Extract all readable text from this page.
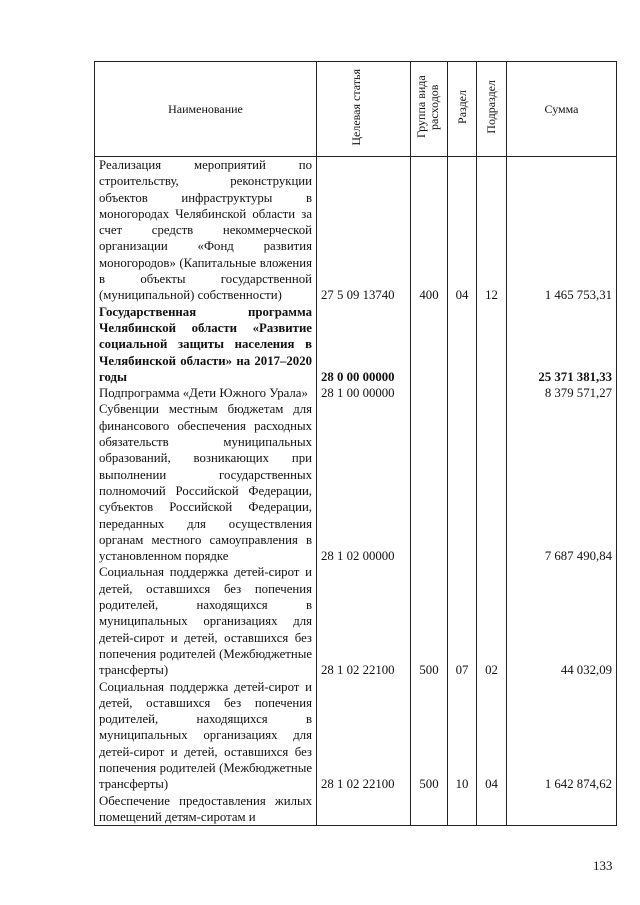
Наименование	Целевая статья	Группа вида расходов	Раздел	Подраздел	Сумма
Реализация мероприятий по строительству, реконструкции объектов инфраструктуры в моногородах Челябинской области за счет средств некоммерческой организации «Фонд развития моногородов» (Капитальные вложения в объекты государственной (муниципальной) собственности)	27 5 09 13740	400	04	12	1 465 753,31
Государственная программа Челябинской области «Развитие социальной защиты населения в Челябинской области» на 2017–2020 годы	28 0 00 00000				25 371 381,33
Подпрограмма «Дети Южного Урала»	28 1 00 00000				8 379 571,27
Субвенции местным бюджетам для финансового обеспечения расходных обязательств муниципальных образований, возникающих при выполнении государственных полномочий Российской Федерации, субъектов Российской Федерации, переданных для осуществления органам местного самоуправления в установленном порядке	28 1 02 00000				7 687 490,84
Социальная поддержка детей-сирот и детей, оставшихся без попечения родителей, находящихся в муниципальных организациях для детей-сирот и детей, оставшихся без попечения родителей (Межбюджетные трансферты)	28 1 02 22100	500	07	02	44 032,09
Социальная поддержка детей-сирот и детей, оставшихся без попечения родителей, находящихся в муниципальных организациях для детей-сирот и детей, оставшихся без попечения родителей (Межбюджетные трансферты)	28 1 02 22100	500	10	04	1 642 874,62
Обеспечение предоставления жилых помещений детям-сиротам и					
133
